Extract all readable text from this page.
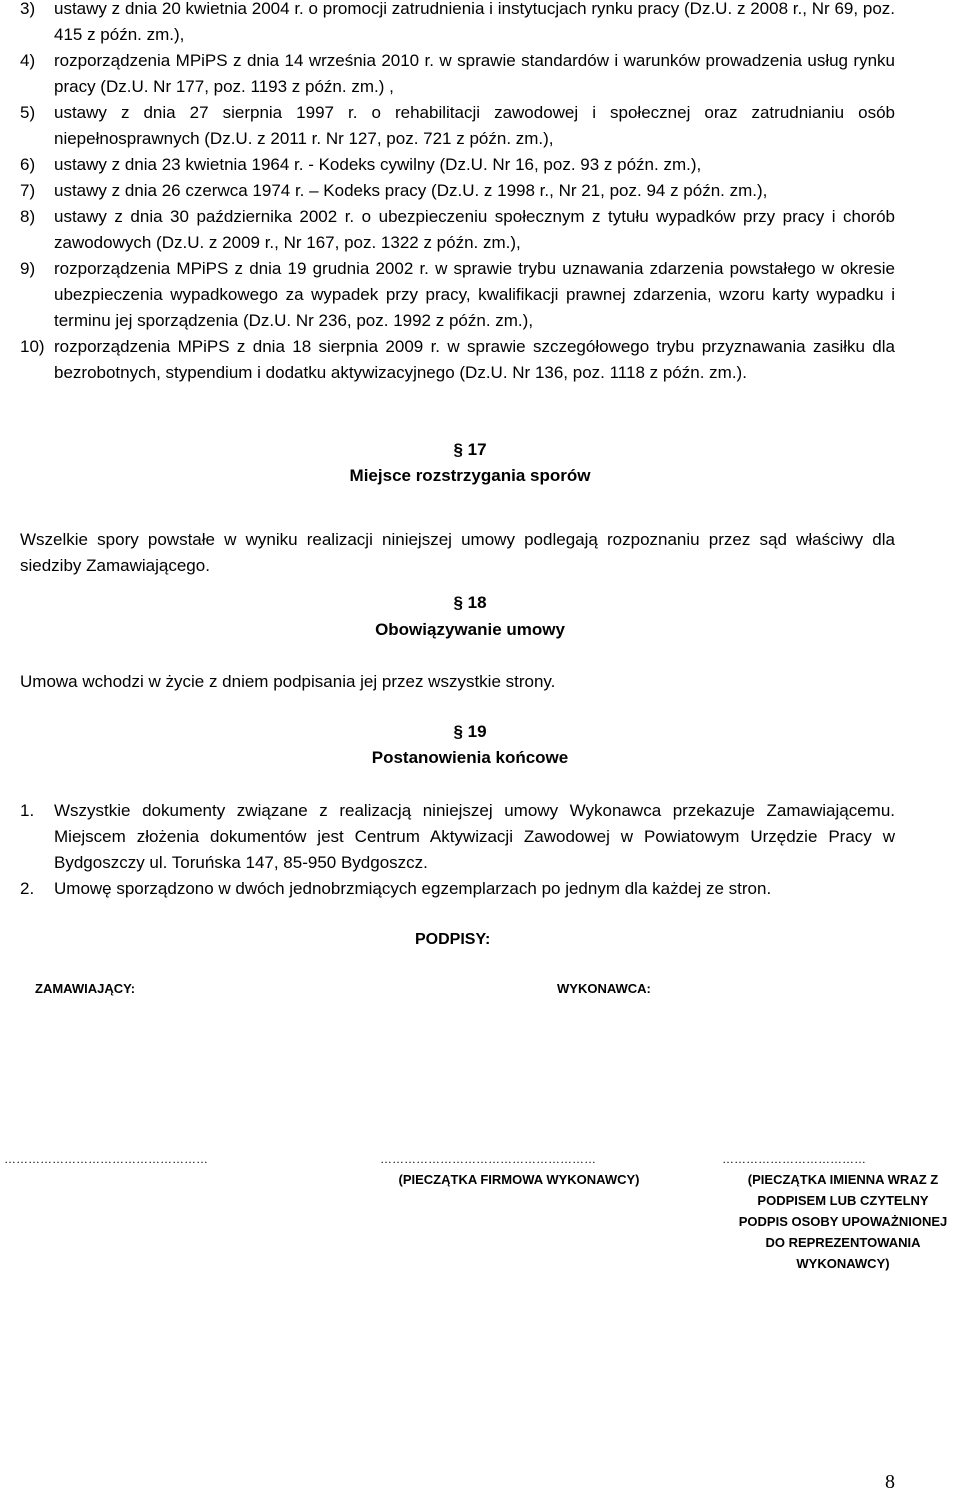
3)	ustawy z dnia 20 kwietnia 2004 r. o promocji zatrudnienia i instytucjach rynku pracy (Dz.U. z 2008 r., Nr 69, poz. 415 z późn. zm.),
4)	rozporządzenia MPiPS z dnia 14 września 2010 r. w sprawie standardów i warunków prowadzenia usług rynku pracy (Dz.U. Nr 177, poz. 1193 z późn. zm.) ,
5)	ustawy z dnia 27 sierpnia 1997 r. o rehabilitacji zawodowej i społecznej oraz zatrudnianiu osób niepełnosprawnych (Dz.U. z 2011 r. Nr 127, poz. 721 z późn. zm.),
6)	ustawy z dnia 23 kwietnia 1964 r. - Kodeks cywilny (Dz.U. Nr 16, poz. 93 z późn. zm.),
7)	ustawy z dnia 26 czerwca 1974 r. – Kodeks pracy (Dz.U. z 1998 r., Nr 21, poz. 94 z późn. zm.),
8)	ustawy z dnia 30 października 2002 r. o ubezpieczeniu społecznym z tytułu wypadków przy pracy i chorób zawodowych (Dz.U. z 2009 r., Nr 167, poz. 1322 z późn. zm.),
9)	rozporządzenia MPiPS z dnia 19 grudnia 2002 r. w sprawie trybu uznawania zdarzenia powstałego w okresie ubezpieczenia wypadkowego za wypadek przy pracy, kwalifikacji prawnej zdarzenia, wzoru karty wypadku i terminu jej sporządzenia (Dz.U. Nr 236, poz. 1992 z późn. zm.),
10) rozporządzenia MPiPS z dnia 18 sierpnia 2009 r. w sprawie szczegółowego trybu przyznawania zasiłku dla bezrobotnych, stypendium i dodatku aktywizacyjnego (Dz.U. Nr 136, poz. 1118 z późn. zm.).
§ 17
Miejsce rozstrzygania sporów
Wszelkie spory powstałe w wyniku realizacji niniejszej umowy podlegają rozpoznaniu przez sąd właściwy dla siedziby Zamawiającego.
§ 18
Obowiązywanie umowy
Umowa wchodzi w życie z dniem podpisania jej przez wszystkie strony.
§ 19
Postanowienia końcowe
1.	Wszystkie dokumenty związane z realizacją niniejszej umowy Wykonawca przekazuje Zamawiającemu. Miejscem złożenia dokumentów jest Centrum Aktywizacji Zawodowej w Powiatowym Urzędzie Pracy w Bydgoszczy ul. Toruńska 147, 85-950 Bydgoszcz.
2.	Umowę sporządzono w dwóch jednobrzmiących egzemplarzach po jednym dla każdej ze stron.
PODPISY:
ZAMAWIAJĄCY:	WYKONAWCA:
……………………………………………	………………………………………………	………………………………
(PIECZĄTKA FIRMOWA WYKONAWCY)	(PIECZĄTKA IMIENNA WRAZ Z PODPISEM LUB CZYTELNY PODPIS OSOBY UPOWAŻNIONEJ DO REPREZENTOWANIA WYKONAWCY)
8
